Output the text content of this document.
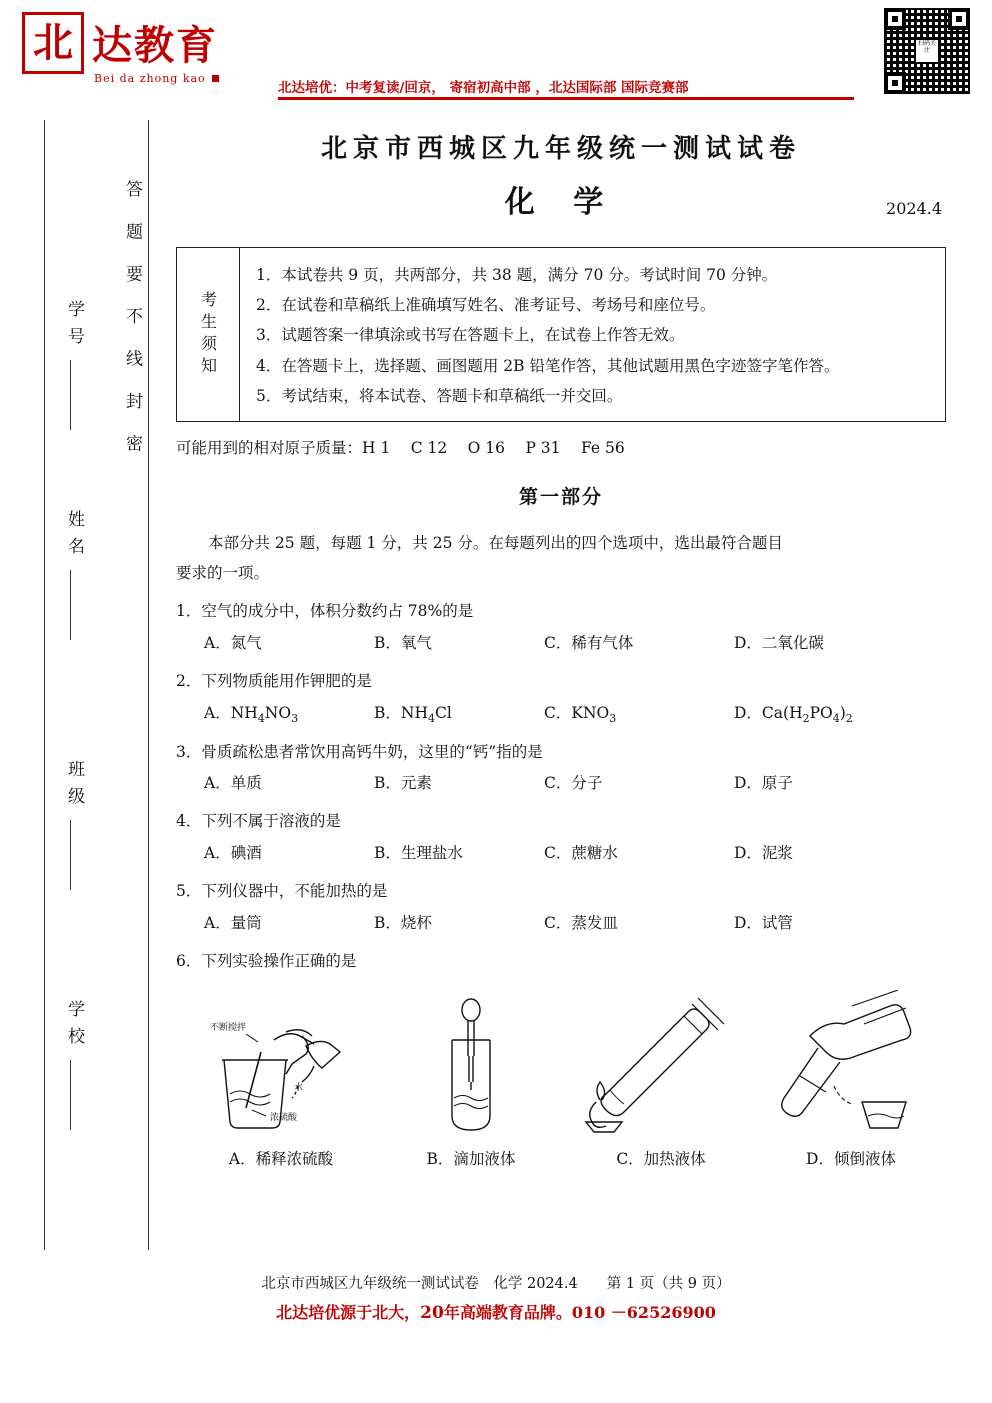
北 达教育
Bei da zhong kao
北达培优：中考复读/回京， 寄宿初高中部 ，北达国际部 国际竞赛部
扫码关注
答 题 要 不 线 封 密
学号
姓名
班级
学校
北京市西城区九年级统一测试试卷
化 学	2024.4
考生须知
1．本试卷共 9 页，共两部分，共 38 题，满分 70 分。考试时间 70 分钟。
2．在试卷和草稿纸上准确填写姓名、准考证号、考场号和座位号。
3．试题答案一律填涂或书写在答题卡上，在试卷上作答无效。
4．在答题卡上，选择题、画图题用 2B 铅笔作答，其他试题用黑色字迹签字笔作答。
5．考试结束，将本试卷、答题卡和草稿纸一并交回。
可能用到的相对原子质量：H 1　 C 12　 O 16　 P 31　 Fe 56
第一部分
本部分共 25 题，每题 1 分，共 25 分。在每题列出的四个选项中，选出最符合题目
要求的一项。
1．空气的成分中，体积分数约占 78%的是
A．氮气	B．氧气	C．稀有气体	D．二氧化碳
2．下列物质能用作钾肥的是
A．$NH_4NO_3$	B．$NH_4Cl$	C．$KNO_3$	D．$Ca(H_2PO_4)_2$
3．骨质疏松患者常饮用高钙牛奶，这里的“钙”指的是
A．单质	B．元素	C．分子	D．原子
4．下列不属于溶液的是
A．碘酒	B．生理盐水	C．蔗糖水	D．泥浆
5．下列仪器中，不能加热的是
A．量筒	B．烧杯	C．蒸发皿	D．试管
6．下列实验操作正确的是
不断搅拌
水
浓硫酸
A．稀释浓硫酸	B．滴加液体	C．加热液体	D．倾倒液体
北京市西城区九年级统一测试试卷　化学 2024.4　　第 1 页（共 9 页）
北达培优源于北大，20年高端教育品牌。010 －62526900
